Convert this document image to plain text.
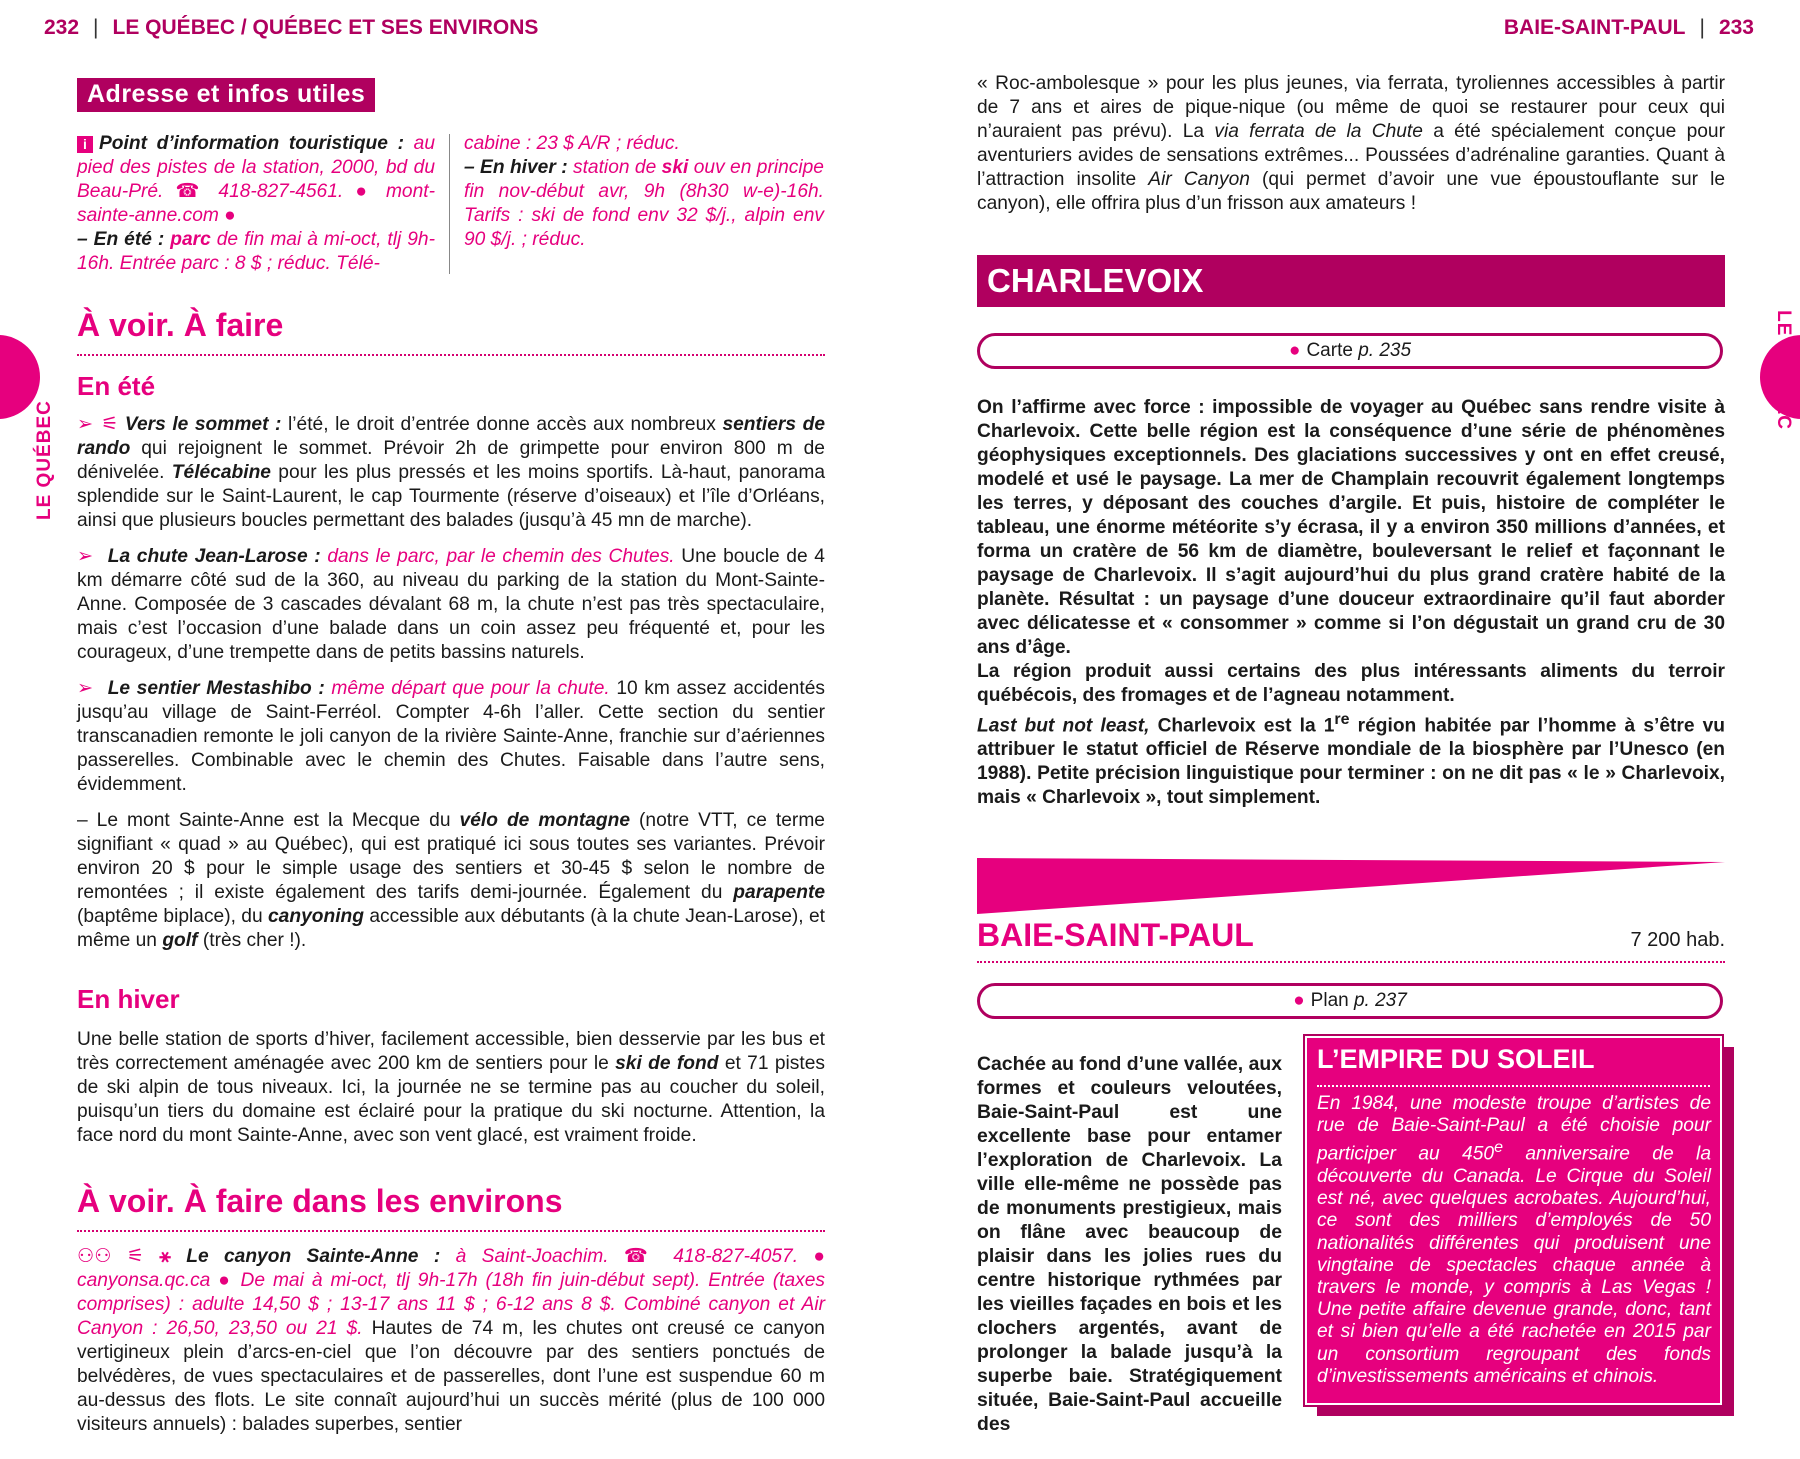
232 | LE QUÉBEC / QUÉBEC ET SES ENVIRONS	BAIE-SAINT-PAUL | 233
LE QUÉBEC
LE QUÉBEC
Adresse et infos utiles
i Point d’information touristique : au pied des pistes de la station, 2000, bd du Beau-Pré. ☎ 418-827-4561. ● mont-sainte-anne.com ●
– En été : parc de fin mai à mi-oct, tlj 9h-16h. Entrée parc : 8 $ ; réduc. Télé-
cabine : 23 $ A/R ; réduc.
– En hiver : station de ski ouv en principe fin nov-début avr, 9h (8h30 w-e)-16h. Tarifs : ski de fond env 32 $/j., alpin env 90 $/j. ; réduc.
À voir. À faire
En été

➢ ⚟ Vers le sommet : l’été, le droit d’entrée donne accès aux nombreux sentiers de rando qui rejoignent le sommet. Prévoir 2h de grimpette pour environ 800 m de dénivelée. Télécabine pour les plus pressés et les moins sportifs. Là-haut, panorama splendide sur le Saint-Laurent, le cap Tourmente (réserve d’oiseaux) et l’île d’Orléans, ainsi que plusieurs boucles permettant des balades (jusqu’à 45 mn de marche).

➢ La chute Jean-Larose : dans le parc, par le chemin des Chutes. Une boucle de 4 km démarre côté sud de la 360, au niveau du parking de la station du Mont-Sainte-Anne. Composée de 3 cascades dévalant 68 m, la chute n’est pas très spectaculaire, mais c’est l’occasion d’une balade dans un coin assez peu fréquenté et, pour les courageux, d’une trempette dans de petits bassins naturels.

➢ Le sentier Mestashibo : même départ que pour la chute. 10 km assez accidentés jusqu’au village de Saint-Ferréol. Compter 4-6h l’aller. Cette section du sentier transcanadien remonte le joli canyon de la rivière Sainte-Anne, franchie sur d’aériennes passerelles. Combinable avec le chemin des Chutes. Faisable dans l’autre sens, évidemment.

– Le mont Sainte-Anne est la Mecque du vélo de montagne (notre VTT, ce terme signifiant « quad » au Québec), qui est pratiqué ici sous toutes ses variantes. Prévoir environ 20 $ pour le simple usage des sentiers et 30-45 $ selon le nombre de remontées ; il existe également des tarifs demi-journée. Également du parapente (baptême biplace), du canyoning accessible aux débutants (à la chute Jean-Larose), et même un golf (très cher !).

En hiver

Une belle station de sports d’hiver, facilement accessible, bien desservie par les bus et très correctement aménagée avec 200 km de sentiers pour le ski de fond et 71 pistes de ski alpin de tous niveaux. Ici, la journée ne se termine pas au coucher du soleil, puisqu’un tiers du domaine est éclairé pour la pratique du ski nocturne. Attention, la face nord du mont Sainte-Anne, avec son vent glacé, est vraiment froide.

À voir. À faire dans les environs

⚇⚇ ⚟ ⚹ Le canyon Sainte-Anne : à Saint-Joachim. ☎ 418-827-4057. ● canyonsa.qc.ca ● De mai à mi-oct, tlj 9h-17h (18h fin juin-début sept). Entrée (taxes comprises) : adulte 14,50 $ ; 13-17 ans 11 $ ; 6-12 ans 8 $. Combiné canyon et Air Canyon : 26,50, 23,50 ou 21 $. Hautes de 74 m, les chutes ont creusé ce canyon vertigineux plein d’arcs-en-ciel que l’on découvre par des sentiers ponctués de belvédères, de vues spectaculaires et de passerelles, dont l’une est suspendue 60 m au-dessus des flots. Le site connaît aujourd’hui un succès mérité (plus de 100 000 visiteurs annuels) : balades superbes, sentier

« Roc-ambolesque » pour les plus jeunes, via ferrata, tyroliennes accessibles à partir de 7 ans et aires de pique-nique (ou même de quoi se restaurer pour ceux qui n’auraient pas prévu). La via ferrata de la Chute a été spécialement conçue pour aventuriers avides de sensations extrêmes... Poussées d’adrénaline garanties. Quant à l’attraction insolite Air Canyon (qui permet d’avoir une vue époustouflante sur le canyon), elle offrira plus d’un frisson aux amateurs !

CHARLEVOIX
● Carte p. 235

On l’affirme avec force : impossible de voyager au Québec sans rendre visite à Charlevoix. Cette belle région est la conséquence d’une série de phénomènes géophysiques exceptionnels. Des glaciations successives y ont en effet creusé, modelé et usé le paysage. La mer de Champlain recouvrit également longtemps les terres, y déposant des couches d’argile. Et puis, histoire de compléter le tableau, une énorme météorite s’y écrasa, il y a environ 350 millions d’années, et forma un cratère de 56 km de diamètre, bouleversant le relief et façonnant le paysage de Charlevoix. Il s’agit aujourd’hui du plus grand cratère habité de la planète. Résultat : un paysage d’une douceur extraordinaire qu’il faut aborder avec délicatesse et « consommer » comme si l’on dégustait un grand cru de 30 ans d’âge.

La région produit aussi certains des plus intéressants aliments du terroir québécois, des fromages et de l’agneau notamment.

Last but not least, Charlevoix est la 1re région habitée par l’homme à s’être vu attribuer le statut officiel de Réserve mondiale de la biosphère par l’Unesco (en 1988). Petite précision linguistique pour terminer : on ne dit pas « le » Charlevoix, mais « Charlevoix », tout simplement.

BAIE-SAINT-PAUL	7 200 hab.
● Plan p. 237
Cachée au fond d’une vallée, aux formes et couleurs veloutées, Baie-Saint-Paul est une excellente base pour entamer l’exploration de Charlevoix. La ville elle-même ne possède pas de monuments prestigieux, mais on flâne avec beaucoup de plaisir dans les jolies rues du centre historique rythmées par les vieilles façades en bois et les clochers argentés, avant de prolonger la balade jusqu’à la superbe baie. Stratégiquement située, Baie-Saint-Paul accueille des
L’EMPIRE DU SOLEIL
En 1984, une modeste troupe d’artistes de rue de Baie-Saint-Paul a été choisie pour participer au 450e anniversaire de la découverte du Canada. Le Cirque du Soleil est né, avec quelques acrobates. Aujourd’hui, ce sont des milliers d’employés de 50 nationalités différentes qui produisent une vingtaine de spectacles chaque année à travers le monde, y compris à Las Vegas ! Une petite affaire devenue grande, donc, tant et si bien qu’elle a été rachetée en 2015 par un consortium regroupant des fonds d’investissements américains et chinois.
